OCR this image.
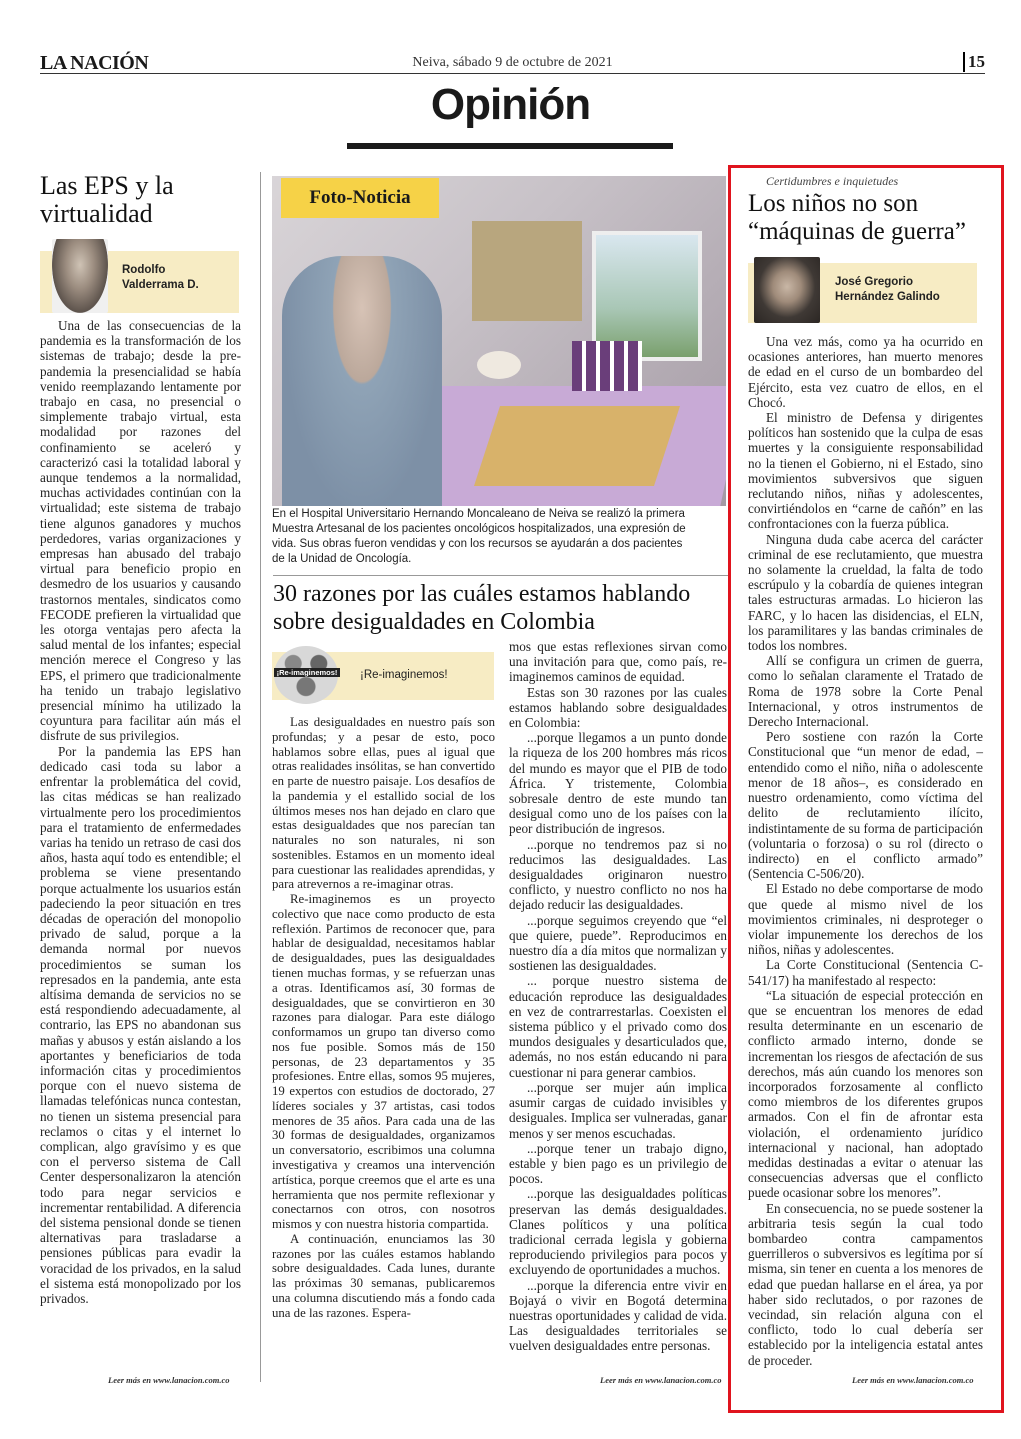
LA NACIÓN	Neiva, sábado 9 de octubre de 2021	15
Opinión
Las EPS y la virtualidad
Rodolfo
Valderrama D.

Una de las consecuencias de la pandemia es la transformación de los sistemas de trabajo; desde la pre-pandemia la presencialidad se había venido reemplazando lentamente por trabajo en casa, no presencial o simplemente trabajo virtual, esta modalidad por razones del confinamiento se aceleró y caracterizó casi la totalidad laboral y aunque tendemos a la normalidad, muchas actividades continúan con la virtualidad; este sistema de trabajo tiene algunos ganadores y muchos perdedores, varias organizaciones y empresas han abusado del trabajo virtual para beneficio propio en desmedro de los usuarios y causando trastornos mentales, sindicatos como FECODE prefieren la virtualidad que les otorga ventajas pero afecta la salud mental de los infantes; especial mención merece el Congreso y las EPS, el primero que tradicionalmente ha tenido un trabajo legislativo presencial mínimo ha utilizado la coyuntura para facilitar aún más el disfrute de sus privilegios.

Por la pandemia las EPS han dedicado casi toda su labor a enfrentar la problemática del covid, las citas médicas se han realizado virtualmente pero los procedimientos para el tratamiento de enfermedades varias ha tenido un retraso de casi dos años, hasta aquí todo es entendible; el problema se viene presentando porque actualmente los usuarios están padeciendo la peor situación en tres décadas de operación del monopolio privado de salud, porque a la demanda normal por nuevos procedimientos se suman los represados en la pandemia, ante esta altísima demanda de servicios no se está respondiendo adecuadamente, al contrario, las EPS no abandonan sus mañas y abusos y están aislando a los aportantes y beneficiarios de toda información citas y procedimientos porque con el nuevo sistema de llamadas telefónicas nunca contestan, no tienen un sistema presencial para reclamos o citas y el internet lo complican, algo gravísimo y es que con el perverso sistema de Call Center despersonalizaron la atención todo para negar servicios e incrementar rentabilidad. A diferencia del sistema pensional donde se tienen alternativas para trasladarse a pensiones públicas para evadir la voracidad de los privados, en la salud el sistema está monopolizado por los privados.

Leer más en www.lanacion.com.co
Foto-Noticia
En el Hospital Universitario Hernando Moncaleano de Neiva se realizó la primera
Muestra Artesanal de los pacientes oncológicos hospitalizados, una expresión de
vida. Sus obras fueron vendidas y con los recursos se ayudarán a dos pacientes
de la Unidad de Oncología.
30 razones por las cuáles estamos hablando sobre desigualdades en Colombia
¡Re-imaginemos! ¡Re-imaginemos!

Las desigualdades en nuestro país son profundas; y a pesar de esto, poco hablamos sobre ellas, pues al igual que otras realidades insólitas, se han convertido en parte de nuestro paisaje. Los desafíos de la pandemia y el estallido social de los últimos meses nos han dejado en claro que estas desigualdades que nos parecían tan naturales no son naturales, ni son sostenibles. Estamos en un momento ideal para cuestionar las realidades aprendidas, y para atrevernos a re-imaginar otras.

Re-imaginemos es un proyecto colectivo que nace como producto de esta reflexión. Partimos de reconocer que, para hablar de desigualdad, necesitamos hablar de desigualdades, pues las desigualdades tienen muchas formas, y se refuerzan unas a otras. Identificamos así, 30 formas de desigualdades, que se convirtieron en 30 razones para dialogar. Para este diálogo conformamos un grupo tan diverso como nos fue posible. Somos más de 150 personas, de 23 departamentos y 35 profesiones. Entre ellas, somos 95 mujeres, 19 expertos con estudios de doctorado, 27 líderes sociales y 37 artistas, casi todos menores de 35 años. Para cada una de las 30 formas de desigualdades, organizamos un conversatorio, escribimos una columna investigativa y creamos una intervención artística, porque creemos que el arte es una herramienta que nos permite reflexionar y conectarnos con otros, con nosotros mismos y con nuestra historia compartida.

A continuación, enunciamos las 30 razones por las cuáles estamos hablando sobre desigualdades. Cada lunes, durante las próximas 30 semanas, publicaremos una columna discutiendo más a fondo cada una de las razones. Espera-

mos que estas reflexiones sirvan como una invitación para que, como país, re-imaginemos caminos de equidad.

Estas son 30 razones por las cuales estamos hablando sobre desigualdades en Colombia:

...porque llegamos a un punto donde la riqueza de los 200 hombres más ricos del mundo es mayor que el PIB de todo África. Y tristemente, Colombia sobresale dentro de este mundo tan desigual como uno de los países con la peor distribución de ingresos.

...porque no tendremos paz si no reducimos las desigualdades. Las desigualdades originaron nuestro conflicto, y nuestro conflicto no nos ha dejado reducir las desigualdades.

...porque seguimos creyendo que “el que quiere, puede”. Reproducimos en nuestro día a día mitos que normalizan y sostienen las desigualdades.

... porque nuestro sistema de educación reproduce las desigualdades en vez de contrarrestarlas. Coexisten el sistema público y el privado como dos mundos desiguales y desarticulados que, además, no nos están educando ni para cuestionar ni para generar cambios.

...porque ser mujer aún implica asumir cargas de cuidado invisibles y desiguales. Implica ser vulneradas, ganar menos y ser menos escuchadas.

...porque tener un trabajo digno, estable y bien pago es un privilegio de pocos.

...porque las desigualdades políticas preservan las demás desigualdades. Clanes políticos y una política tradicional cerrada legisla y gobierna reproduciendo privilegios para pocos y excluyendo de oportunidades a muchos.

...porque la diferencia entre vivir en Bojayá o vivir en Bogotá determina nuestras oportunidades y calidad de vida. Las desigualdades territoriales se vuelven desigualdades entre personas.

Leer más en www.lanacion.com.co
Certidumbres e inquietudes
Los niños no son “máquinas de guerra”
José Gregorio
Hernández Galindo

Una vez más, como ya ha ocurrido en ocasiones anteriores, han muerto menores de edad en el curso de un bombardeo del Ejército, esta vez cuatro de ellos, en el Chocó.

El ministro de Defensa y dirigentes políticos han sostenido que la culpa de esas muertes y la consiguiente responsabilidad no la tienen el Gobierno, ni el Estado, sino movimientos subversivos que siguen reclutando niños, niñas y adolescentes, convirtiéndolos en “carne de cañón” en las confrontaciones con la fuerza pública.

Ninguna duda cabe acerca del carácter criminal de ese reclutamiento, que muestra no solamente la crueldad, la falta de todo escrúpulo y la cobardía de quienes integran tales estructuras armadas. Lo hicieron las FARC, y lo hacen las disidencias, el ELN, los paramilitares y las bandas criminales de todos los nombres.

Allí se configura un crimen de guerra, como lo señalan claramente el Tratado de Roma de 1978 sobre la Corte Penal Internacional, y otros instrumentos de Derecho Internacional.

Pero sostiene con razón la Corte Constitucional que “un menor de edad, –entendido como el niño, niña o adolescente menor de 18 años–, es considerado en nuestro ordenamiento, como víctima del delito de reclutamiento ilícito, indistintamente de su forma de participación (voluntaria o forzosa) o su rol (directo o indirecto) en el conflicto armado” (Sentencia C-506/20).

El Estado no debe comportarse de modo que quede al mismo nivel de los movimientos criminales, ni desproteger o violar impunemente los derechos de los niños, niñas y adolescentes.

La Corte Constitucional (Sentencia C-541/17) ha manifestado al respecto:

“La situación de especial protección en que se encuentran los menores de edad resulta determinante en un escenario de conflicto armado interno, donde se incrementan los riesgos de afectación de sus derechos, más aún cuando los menores son incorporados forzosamente al conflicto como miembros de los diferentes grupos armados. Con el fin de afrontar esta violación, el ordenamiento jurídico internacional y nacional, han adoptado medidas destinadas a evitar o atenuar las consecuencias adversas que el conflicto puede ocasionar sobre los menores”.

En consecuencia, no se puede sostener la arbitraria tesis según la cual todo bombardeo contra campamentos guerrilleros o subversivos es legítima por sí misma, sin tener en cuenta a los menores de edad que puedan hallarse en el área, ya por haber sido reclutados, o por razones de vecindad, sin relación alguna con el conflicto, todo lo cual debería ser establecido por la inteligencia estatal antes de proceder.

Leer más en www.lanacion.com.co
